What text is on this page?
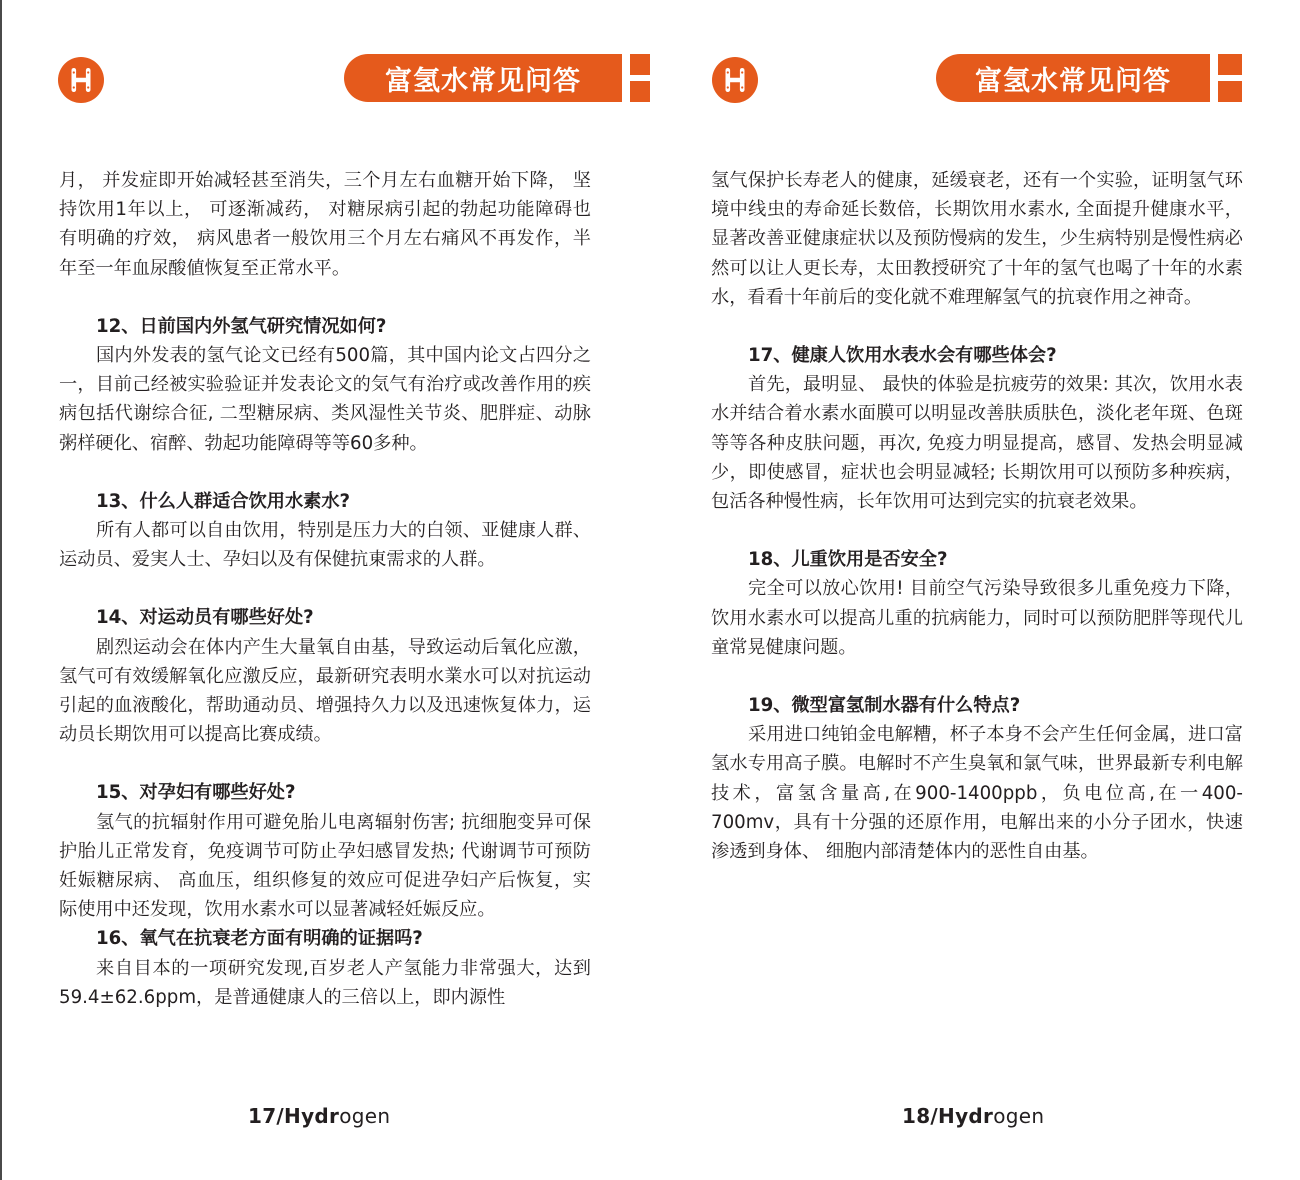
富氢水常见问答

月， 并发症即开始减轻甚至消失，三个月左右血糖开始下降， 坚持饮用1年以上， 可逐渐减药， 对糖尿病引起的勃起功能障碍也有明确的疗效， 病风患者一般饮用三个月左右痛风不再发作，半年至一年血尿酸値恢复至正常水平。

12、日前国内外氢气研究情况如何?

国内外发表的氢气论文已经有500篇，其中国内论文占四分之一，目前己经被实验验证并发表论文的気气有治疗或改善作用的疾病包括代谢综合征, 二型糖尿病、类风湿性关节炎、肥胖症、动脉粥样硬化、宿醉、勃起功能障碍等等60多种。

13、什么人群适合饮用水素水?

所有人都可以自由饮用，特别是压力大的白领、亚健康人群、运动员、爱実人士、孕妇以及有保健抗東需求的人群。

14、对运动员有哪些好处?

剧烈运动会在体内产生大量氧自由基，导致运动后氧化应激， 氢气可有效缓解氧化应激反应，最新研究表明水業水可以对抗运动引起的血液酸化，帮助通动员、增强持久力以及迅速恢复体力，运动员长期饮用可以提高比赛成绩。

15、对孕妇有哪些好处?

氢气的抗辐射作用可避免胎儿电离辐射伤害; 抗细胞变异可保护胎儿正常发育，免疫调节可防止孕妇感冒发热; 代谢调节可预防妊娠糖尿病、 高血压，组织修复的效应可促进孕妇产后恢复，实际使用中还发现，饮用水素水可以显著减轻妊娠反应。

16、氧气在抗衰老方面有明确的证据吗?

来自目本的一项研究发现,百岁老人产氢能力非常强大，达到59.4±62.6ppm，是普通健康人的三倍以上，即内源性

17/Hydrogen
富氢水常见问答

氢气保护长寿老人的健康，延缓衰老，还有一个实验，证明氢气环境中线虫的寿命延长数倍，长期饮用水素水, 全面提升健康水平，显著改善亚健康症状以及预防慢病的发生，少生病特别是慢性病必然可以让人更长寿，太田教授研究了十年的氢气也喝了十年的水素水，看看十年前后的变化就不难理解氢气的抗衰作用之神奇。

17、健康人饮用水表水会有哪些体会?

首先，最明显、 最快的体验是抗疲劳的效果: 其次，饮用水表水并结合着水素水面膜可以明显改善肤质肤色，淡化老年斑、色斑等等各种皮肤问题，再次, 免疫力明显提高，感冒、发热会明显减少，即使感冒，症状也会明显减轻; 长期饮用可以预防多种疾病，包活各种慢性病，长年饮用可达到完实的抗衰老效果。

18、儿重饮用是否安全?

完全可以放心饮用! 目前空气污染导致很多儿重免疫力下降，饮用水素水可以提高儿重的抗病能力，同时可以预防肥胖等现代儿童常晃健康问题。

19、微型富氢制水器有什么特点?

采用进口纯铂金电解糟，杯子本身不会产生任何金属，进口富氢水专用高子膜。电解时不产生臭氧和氯气味，世界最新专利电解技术，富氢含量高,在900-1400ppb，负电位高,在一400-700mv，具有十分强的还原作用，电解出来的小分子团水，快速渗透到身体、 细胞内部清楚体内的恶性自由基。

18/Hydrogen
